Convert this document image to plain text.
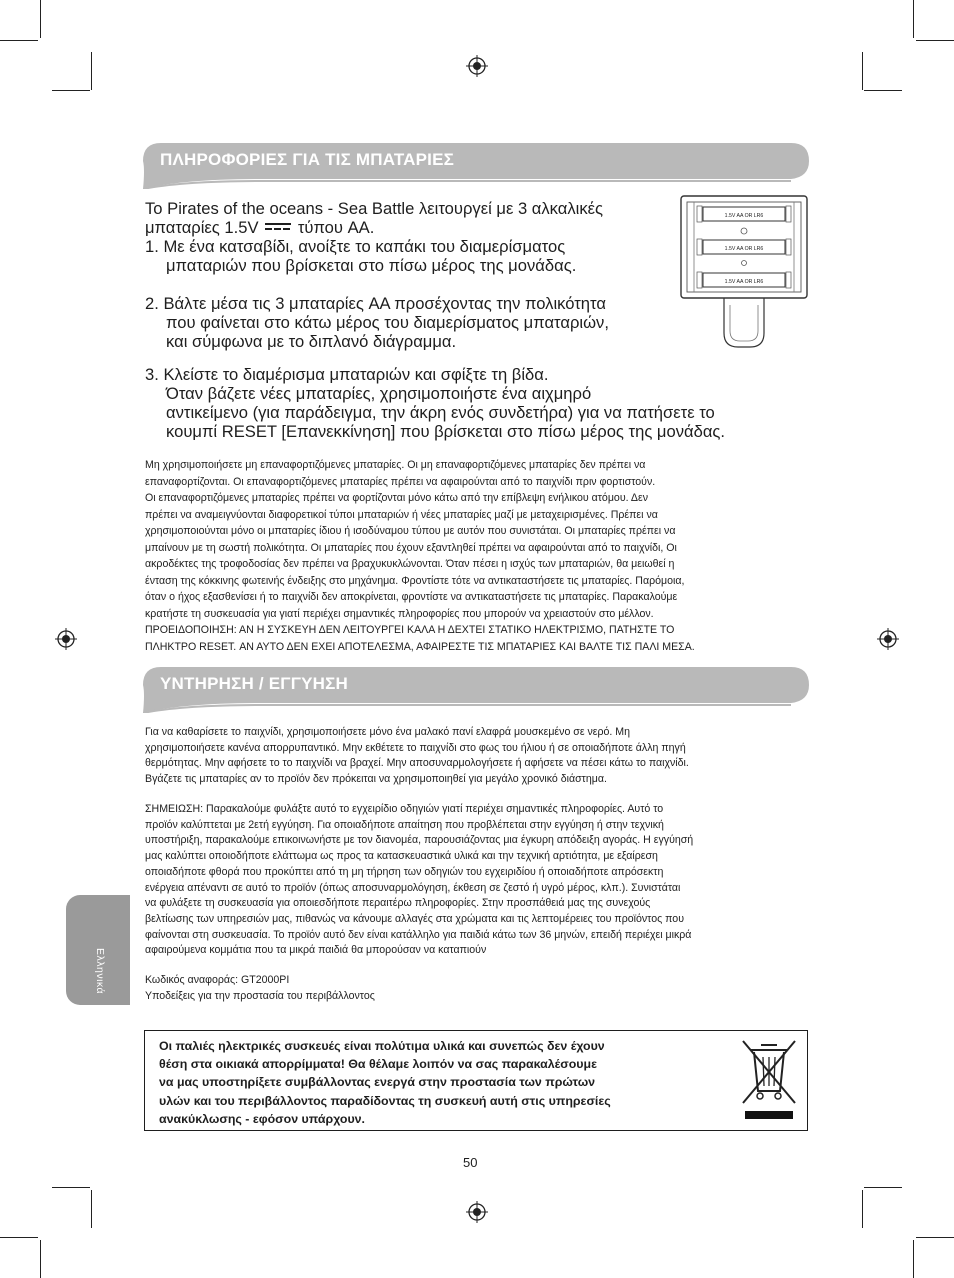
ΠΛΗΡΟΦΟΡΙΕΣ ΓΙΑ ΤΙΣ ΜΠΑΤΑΡΙΕΣ

To Pirates of the oceans - Sea Battle λειτουργεί με 3 αλκαλικές

μπαταρίες 1.5V τύπου AA.

1. Με ένα κατσαβίδι, ανοίξτε το καπάκι του διαμερίσματος

μπαταριών που βρίσκεται στο πίσω μέρος της μονάδας.

2. Βάλτε μέσα τις 3 μπαταρίες AA προσέχοντας την πολικότητα

που φαίνεται στο κάτω μέρος του διαμερίσματος μπαταριών,

και σύμφωνα με το διπλανό διάγραμμα.

1.5V AA OR LR6
1.5V AA OR LR6
1.5V AA OR LR6

3. Κλείστε το διαμέρισμα μπαταριών και σφίξτε τη βίδα.

Όταν βάζετε νέες μπαταρίες, χρησιμοποιήστε ένα αιχμηρό

αντικείμενο (για παράδειγμα, την άκρη ενός συνδετήρα) για να πατήσετε το

κουμπί RESET [Επανεκκίνηση] που βρίσκεται στο πίσω μέρος της μονάδας.

Μη χρησιμοποιήσετε μη επαναφορτιζόμενες μπαταρίες. Οι μη επαναφορτιζόμενες μπαταρίες δεν πρέπει να

επαναφορτίζονται. Οι επαναφορτιζόμενες μπαταρίες πρέπει να αφαιρούνται από το παιχνίδι πριν φορτιστούν.

Οι επαναφορτιζόμενες μπαταρίες πρέπει να φορτίζονται μόνο κάτω από την επίβλεψη ενήλικου ατόμου. Δεν

πρέπει να αναμειγνύονται διαφορετικοί τύποι μπαταριών ή νέες μπαταρίες μαζί με μεταχειρισμένες. Πρέπει να

χρησιμοποιούνται μόνο οι μπαταρίες ίδιου ή ισοδύναμου τύπου με αυτόν που συνιστάται. Οι μπαταρίες πρέπει να

μπαίνουν με τη σωστή πολικότητα. Οι μπαταρίες που έχουν εξαντληθεί πρέπει να αφαιρούνται από το παιχνίδι, Οι

ακροδέκτες της τροφοδοσίας δεν πρέπει να βραχυκυκλώνονται. Όταν πέσει η ισχύς των μπαταριών, θα μειωθεί η

ένταση της κόκκινης φωτεινής ένδειξης στο μηχάνημα. Φροντίστε τότε να αντικαταστήσετε τις μπαταρίες. Παρόμοια,

όταν ο ήχος εξασθενίσει ή το παιχνίδι δεν αποκρίνεται, φροντίστε να αντικαταστήσετε τις μπαταρίες. Παρακαλούμε

κρατήστε τη συσκευασία για γιατί περιέχει σημαντικές πληροφορίες που μπορούν να χρειαστούν στο μέλλον.

ΠΡΟΕΙΔΟΠΟΙΗΣΗ: ΑΝ Η ΣΥΣΚΕΥΗ ΔΕΝ ΛΕΙΤΟΥΡΓΕΙ ΚΑΛΑ Η ΔΕΧΤΕΙ ΣΤΑΤΙΚΟ ΗΛΕΚΤΡΙΣΜΟ, ΠΑΤΗΣΤΕ ΤΟ

ΠΛΗΚΤΡΟ RESET. ΑΝ ΑΥΤΟ ΔΕΝ ΕΧΕΙ ΑΠΟΤΕΛΕΣΜΑ, ΑΦΑΙΡΕΣΤΕ ΤΙΣ ΜΠΑΤΑΡΙΕΣ ΚΑΙ ΒΑΛΤΕ ΤΙΣ ΠΑΛΙ ΜΕΣΑ.

ΥΝΤΗΡΗΣΗ / ΕΓΓΥΗΣΗ

Για να καθαρίσετε το παιχνίδι, χρησιμοποιήσετε μόνο ένα μαλακό πανί ελαφρά μουσκεμένο σε νερό. Μη

χρησιμοποιήσετε κανένα απορρυπαντικό. Μην εκθέτετε το παιχνίδι στο φως του ήλιου ή σε οποιαδήποτε άλλη πηγή

θερμότητας. Μην αφήσετε το το παιχνίδι να βραχεί. Μην αποσυναρμολογήσετε ή αφήσετε να πέσει κάτω το παιχνίδι.

Βγάζετε τις μπαταρίες αν το προϊόν δεν πρόκειται να χρησιμοποιηθεί για μεγάλο χρονικό διάστημα.

ΣΗΜΕΙΩΣΗ: Παρακαλούμε φυλάξτε αυτό το εγχειρίδιο οδηγιών γιατί περιέχει σημαντικές πληροφορίες. Αυτό το

προϊόν καλύπτεται με 2ετή εγγύηση. Για οποιαδήποτε απαίτηση που προβλέπεται στην εγγύηση ή στην τεχνική

υποστήριξη, παρακαλούμε επικοινωνήστε με τον διανομέα, παρουσιάζοντας μια έγκυρη απόδειξη αγοράς. Η εγγύησή

μας καλύπτει οποιοδήποτε ελάττωμα ως προς τα κατασκευαστικά υλικά και την τεχνική αρτιότητα, με εξαίρεση

οποιαδήποτε φθορά που προκύπτει από τη μη τήρηση των οδηγιών του εγχειριδίου ή οποιαδήποτε απρόσεκτη

ενέργεια απέναντι σε αυτό το προϊόν (όπως αποσυναρμολόγηση, έκθεση σε ζεστό ή υγρό μέρος, κλπ.). Συνιστάται

να φυλάξετε τη συσκευασία για οποιεσδήποτε περαιτέρω πληροφορίες. Στην προσπάθειά μας της συνεχούς

βελτίωσης των υπηρεσιών μας, πιθανώς να κάνουμε αλλαγές στα χρώματα και τις λεπτομέρειες του προϊόντος που

φαίνονται στη συσκευασία. Το προϊόν αυτό δεν είναι κατάλληλο για παιδιά κάτω των 36 μηνών, επειδή περιέχει μικρά

αφαιρούμενα κομμάτια που τα μικρά παιδιά θα μπορούσαν να καταπιούν

Κωδικός αναφοράς: GT2000PI

Υποδείξεις για την προστασία του περιβάλλοντος

Ελληνικά
Οι παλιές ηλεκτρικές συσκευές είναι πολύτιμα υλικά και συνεπώς δεν έχουν
θέση στα οικιακά απορρίμματα! Θα θέλαμε λοιπόν να σας παρακαλέσουμε
να μας υποστηρίξετε συμβάλλοντας ενεργά στην προστασία των πρώτων
υλών και του περιβάλλοντος παραδίδοντας τη συσκευή αυτή στις υπηρεσίες
ανακύκλωσης - εφόσον υπάρχουν.
50
